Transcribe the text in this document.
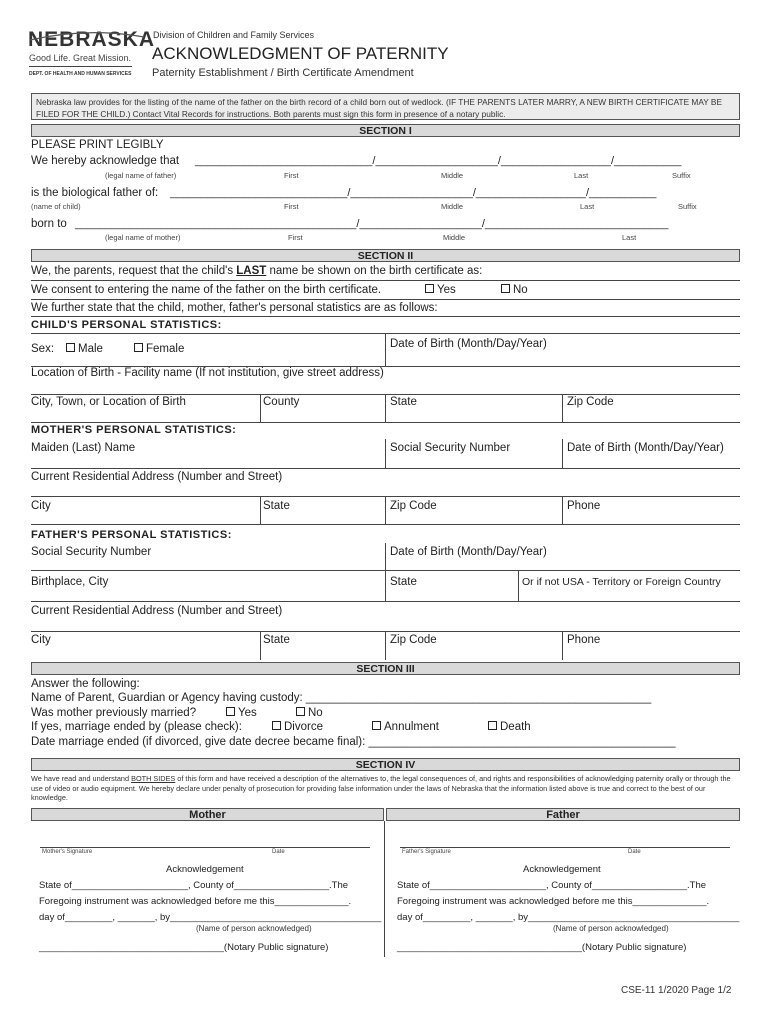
NEBRASKA
Good Life. Great Mission.
DEPT. OF HEALTH AND HUMAN SERVICES
Division of Children and Family Services
ACKNOWLEDGMENT OF PATERNITY
Paternity Establishment / Birth Certificate Amendment
Nebraska law provides for the listing of the name of the father on the birth record of a child born out of wedlock. (IF THE PARENTS LATER MARRY, A NEW BIRTH CERTIFICATE MAY BE FILED FOR THE CHILD.) Contact Vital Records for instructions. Both parents must sign this form in presence of a notary public.
SECTION I
PLEASE PRINT LEGIBLY
We hereby acknowledge that _____________________________/____________________/__________________/___________
(legal name of father)	First	Middle	Last	Suffix
is the biological father of: _____________________________/____________________/__________________/___________
(name of child)	First	Middle	Last	Suffix
born to ______________________________________________/____________________/______________________________
(legal name of mother)	First	Middle	Last
SECTION II
We, the parents, request that the child's LAST name be shown on the birth certificate as:
We consent to entering the name of the father on the birth certificate.	Yes	No
We further state that the child, mother, father's personal statistics are as follows:
CHILD'S PERSONAL STATISTICS:
Sex:	Male	Female	Date of Birth (Month/Day/Year)
Location of Birth - Facility name (If not institution, give street address)
City, Town, or Location of Birth	County	State	Zip Code
MOTHER'S PERSONAL STATISTICS:
Maiden (Last) Name	Social Security Number	Date of Birth (Month/Day/Year)
Current Residential Address (Number and Street)
City	State	Zip Code	Phone
FATHER'S PERSONAL STATISTICS:
Social Security Number	Date of Birth (Month/Day/Year)
Birthplace, City	State	Or if not USA - Territory or Foreign Country
Current Residential Address (Number and Street)
City	State	Zip Code	Phone
SECTION III
Answer the following:
Name of Parent, Guardian or Agency having custody: ______________________________________________________
Was mother previously married?	Yes	No
If yes, marriage ended by (please check):	Divorce	Annulment	Death
Date marriage ended (if divorced, give date decree became final): ________________________________________________
SECTION IV
We have read and understand BOTH SIDES of this form and have received a description of the alternatives to, the legal consequences of, and rights and responsibilities of acknowledging paternity orally or through the use of video or audio equipment. We hereby declare under penalty of prosecution for providing false information under the laws of Nebraska that the information listed above is true and correct to the best of our knowledge.
Mother	Father
Mother's Signature	Date
Acknowledgement
State of______________________, County of__________________.The
Foregoing instrument was acknowledged before me this______________.
day of_________, _______, by________________________________________
(Name of person acknowledged)
___________________________________(Notary Public signature)
Father's Signature	Date
Acknowledgement
State of______________________, County of__________________.The
Foregoing instrument was acknowledged before me this______________.
day of_________, _______, by________________________________________
(Name of person acknowledged)
___________________________________(Notary Public signature)
CSE-11 1/2020 Page 1/2
